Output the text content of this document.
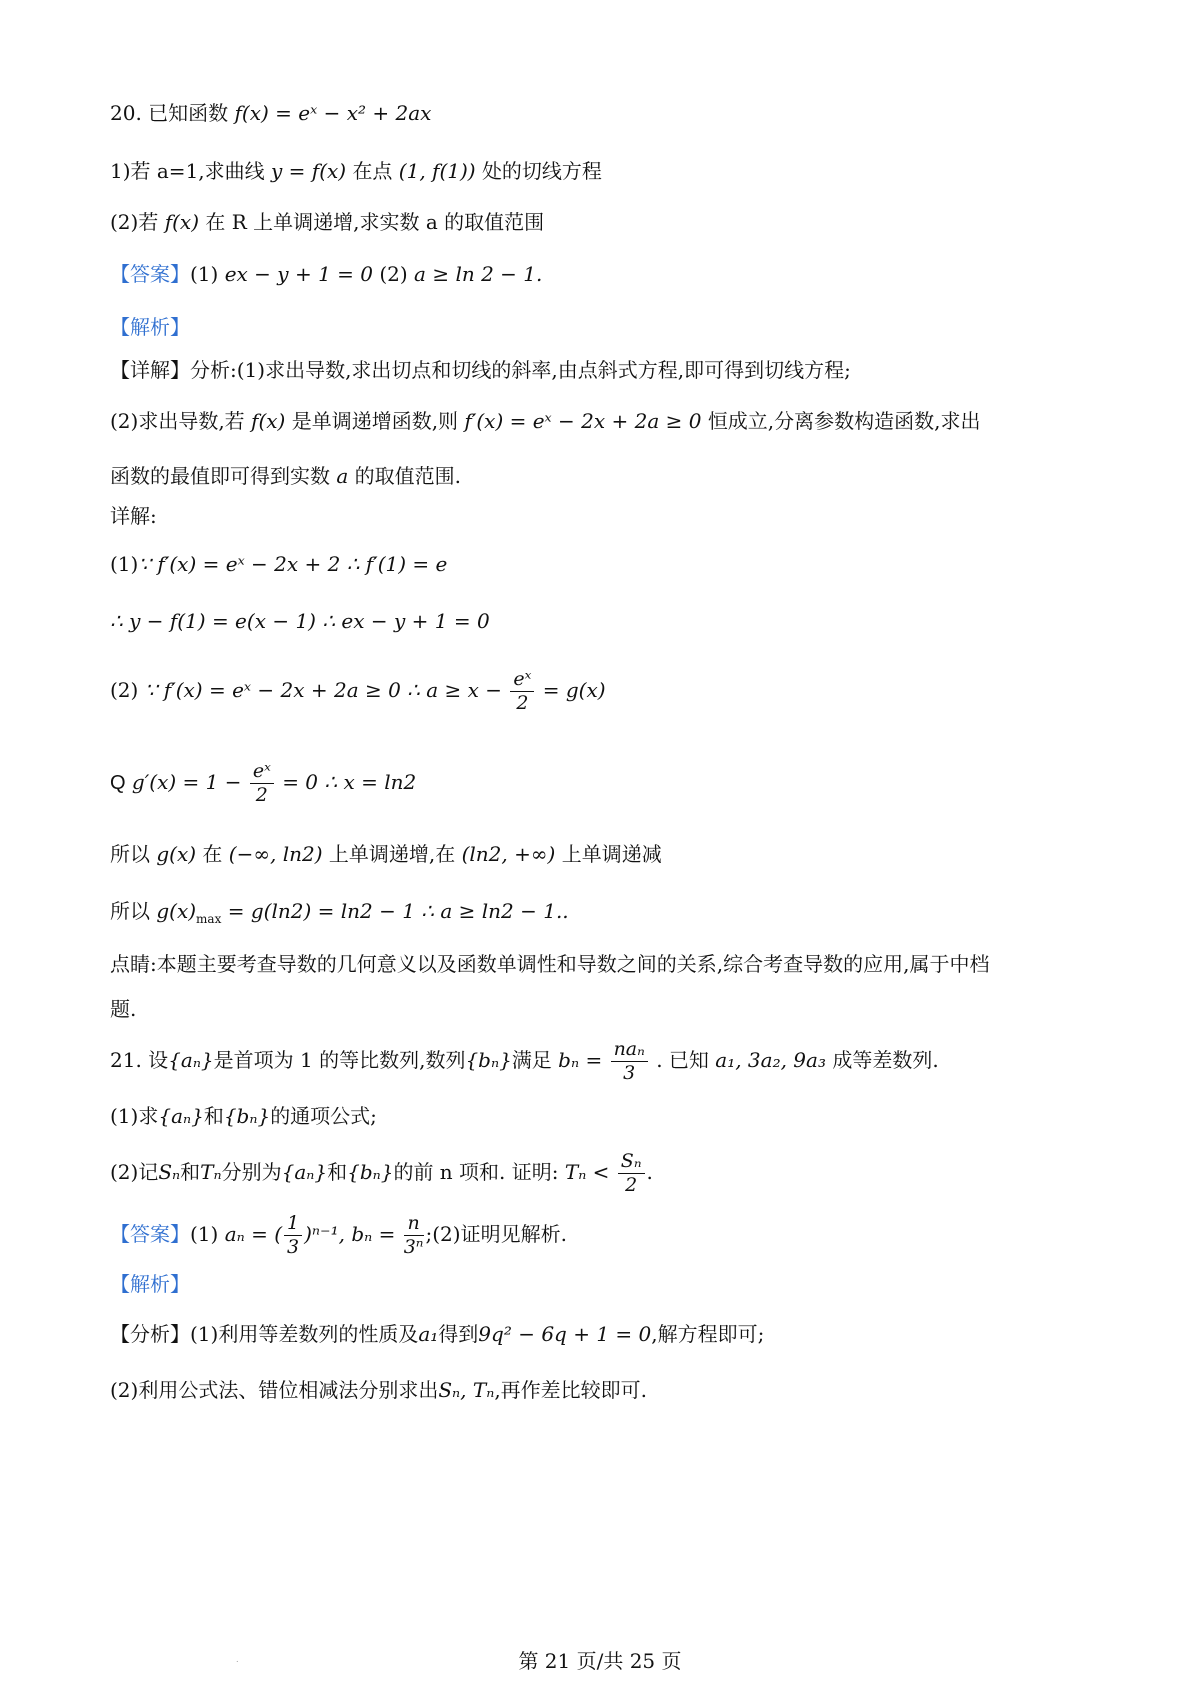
20. 已知函数 f(x) = eˣ − x² + 2ax
1)若 a=1,求曲线 y = f(x) 在点 (1, f(1)) 处的切线方程
(2)若 f(x) 在 R 上单调递增,求实数 a 的取值范围
【答案】(1) ex − y + 1 = 0 (2) a ≥ ln 2 − 1.
【解析】
【详解】分析:(1)求出导数,求出切点和切线的斜率,由点斜式方程,即可得到切线方程;
(2)求出导数,若 f(x) 是单调递增函数,则 f′(x) = eˣ − 2x + 2a ≥ 0 恒成立,分离参数构造函数,求出
函数的最值即可得到实数 a 的取值范围.
详解:
(1)∵ f′(x) = eˣ − 2x + 2 ∴ f′(1) = e
∴ y − f(1) = e(x − 1) ∴ ex − y + 1 = 0
(2) ∵ f′(x) = eˣ − 2x + 2a ≥ 0 ∴ $a \ge x - \frac{\text{eˣ}}{2} = g(x)$
Q $g'(x) = 1 - \frac{\text{eˣ}}{2} = 0$ ∴ x = ln2
所以 g(x) 在 (−∞, ln2) 上单调递增,在 (ln2, +∞) 上单调递减
所以 $g(x)_{max} = g(\ln 2) = \ln 2 - 1$ ∴ a ≥ ln2 − 1..
点睛:本题主要考查导数的几何意义以及函数单调性和导数之间的关系,综合考查导数的应用,属于中档
题.
21. 设{aₙ}是首项为 1 的等比数列,数列{bₙ}满足 $b_n = \frac{\text{naₙ}}{3}$ . 已知 a₁, 3a₂, 9a₃ 成等差数列.
(1)求{aₙ}和{bₙ}的通项公式;
(2)记Sₙ和Tₙ分别为{aₙ}和{bₙ}的前 n 项和. 证明: $T_n < \frac{\text{Sₙ}}{2}$ .
【答案】(1) aₙ = ( $\frac{1}{3} )^{n-1}$, $b_n = \frac{n}{\text{3ⁿ}}$ ;(2)证明见解析.
【解析】
【分析】(1)利用等差数列的性质及a₁得到9q² − 6q + 1 = 0,解方程即可;
(2)利用公式法、错位相减法分别求出Sₙ, Tₙ,再作差比较即可.
.	第 21 页/共 25 页
